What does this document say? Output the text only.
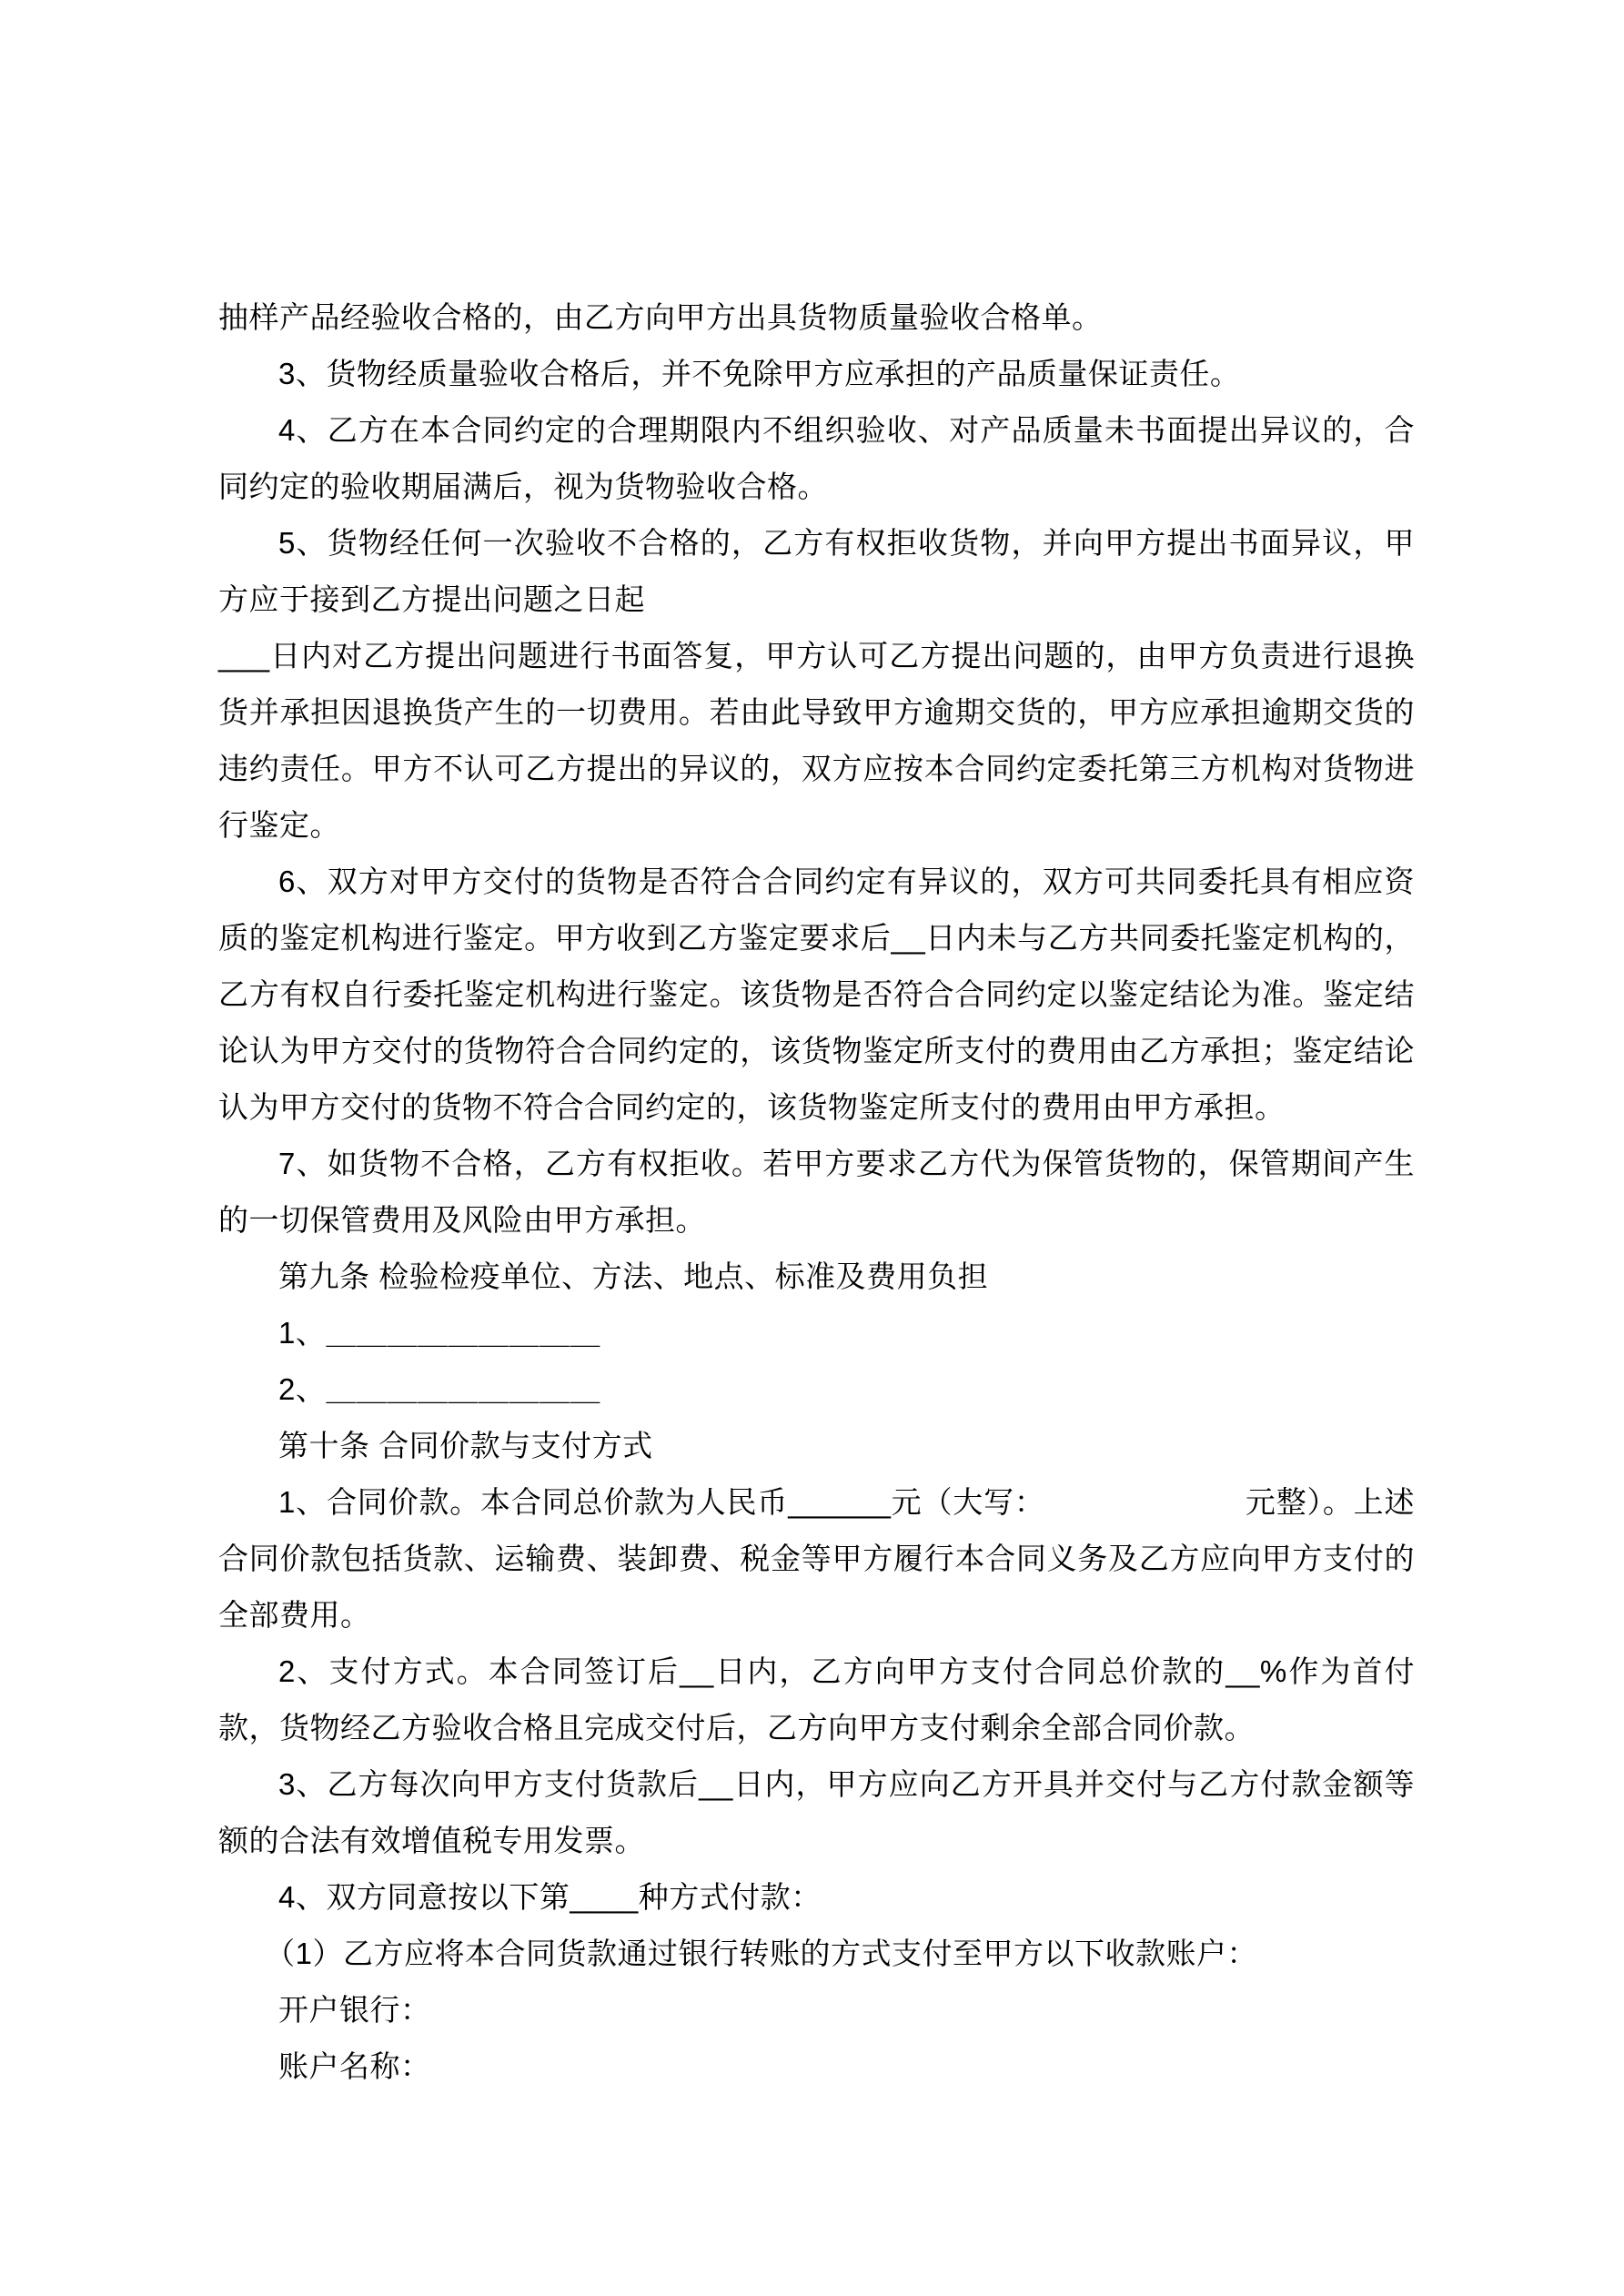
抽样产品经验收合格的，由乙方向甲方出具货物质量验收合格单。

3、货物经质量验收合格后，并不免除甲方应承担的产品质量保证责任。

4、乙方在本合同约定的合理期限内不组织验收、对产品质量未书面提出异议的，合同约定的验收期届满后，视为货物验收合格。

5、货物经任何一次验收不合格的，乙方有权拒收货物，并向甲方提出书面异议，甲方应于接到乙方提出问题之日起

___日内对乙方提出问题进行书面答复，甲方认可乙方提出问题的，由甲方负责进行退换货并承担因退换货产生的一切费用。若由此导致甲方逾期交货的，甲方应承担逾期交货的违约责任。甲方不认可乙方提出的异议的，双方应按本合同约定委托第三方机构对货物进行鉴定。

6、双方对甲方交付的货物是否符合合同约定有异议的，双方可共同委托具有相应资质的鉴定机构进行鉴定。甲方收到乙方鉴定要求后__日内未与乙方共同委托鉴定机构的，乙方有权自行委托鉴定机构进行鉴定。该货物是否符合合同约定以鉴定结论为准。鉴定结论认为甲方交付的货物符合合同约定的，该货物鉴定所支付的费用由乙方承担；鉴定结论认为甲方交付的货物不符合合同约定的，该货物鉴定所支付的费用由甲方承担。

7、如货物不合格，乙方有权拒收。若甲方要求乙方代为保管货物的，保管期间产生的一切保管费用及风险由甲方承担。

第九条 检验检疫单位、方法、地点、标准及费用负担

1、＿＿＿＿＿＿＿＿＿

2、＿＿＿＿＿＿＿＿＿

第十条 合同价款与支付方式

1、合同价款。本合同总价款为人民币______元（大写：　　　　　　　元整）。上述合同价款包括货款、运输费、装卸费、税金等甲方履行本合同义务及乙方应向甲方支付的全部费用。

2、支付方式。本合同签订后__日内，乙方向甲方支付合同总价款的__%作为首付款，货物经乙方验收合格且完成交付后，乙方向甲方支付剩余全部合同价款。

3、乙方每次向甲方支付货款后__日内，甲方应向乙方开具并交付与乙方付款金额等额的合法有效增值税专用发票。

4、双方同意按以下第____种方式付款：

（1）乙方应将本合同货款通过银行转账的方式支付至甲方以下收款账户：

开户银行：

账户名称：
